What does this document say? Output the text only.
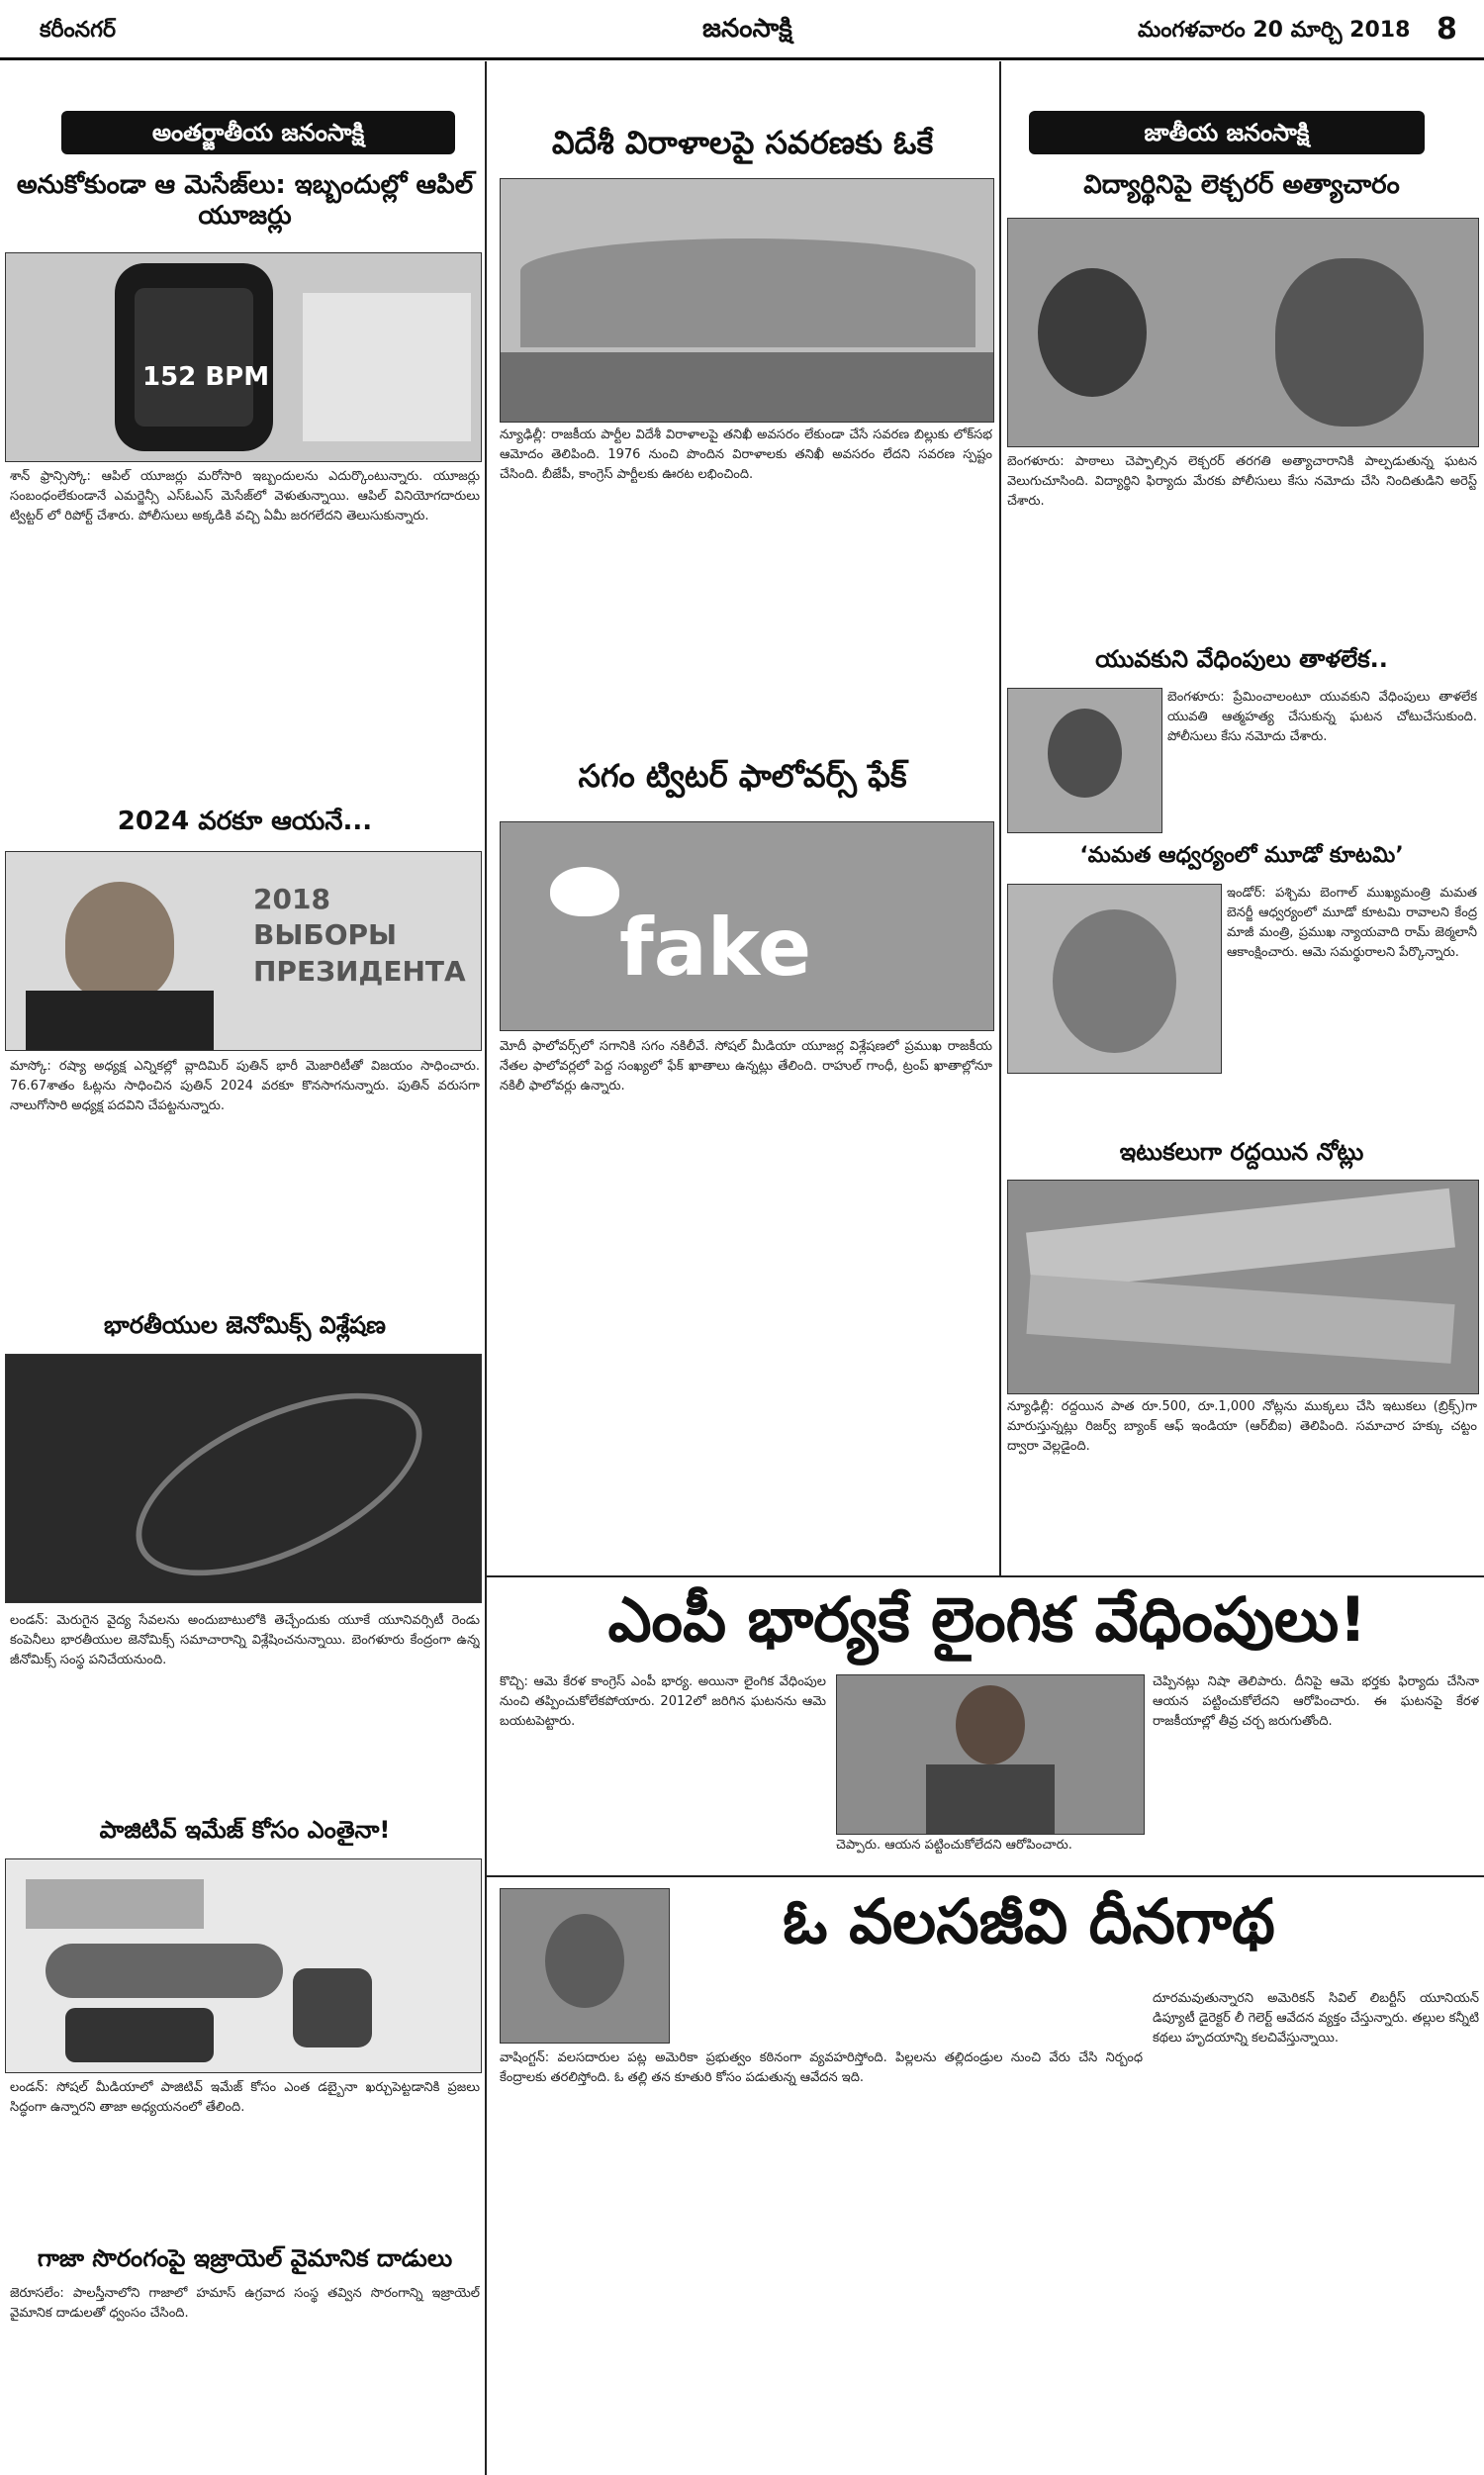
కరీంనగర్	జనంసాక్షి	మంగళవారం 20 మార్చి 2018 8
అంతర్జాతీయ జనంసాక్షి
అనుకోకుండా ఆ మెసేజ్‌లు: ఇబ్బందుల్లో ఆపిల్ యూజర్లు
152 BPM
శాన్ ఫ్రాన్సిస్కో: ఆపిల్ యూజర్లు మరోసారి ఇబ్బందులను ఎదుర్కొంటున్నారు. యూజర్లు సంబంధంలేకుండానే ఎమర్జెన్సీ ఎస్ఓఎస్ మెసేజ్‌లో వెళుతున్నాయి. ఆపిల్ వినియోగదారులు ట్విట్టర్ లో రిపోర్ట్ చేశారు. పోలీసులు అక్కడికి వచ్చి ఏమీ జరగలేదని తెలుసుకున్నారు.
2024 వరకూ ఆయనే...
2018 ВЫБОРЫ ПРЕЗИДЕНТА
మాస్కో: రష్యా అధ్యక్ష ఎన్నికల్లో వ్లాదిమిర్ పుతిన్ భారీ మెజారిటీతో విజయం సాధించారు. 76.67శాతం ఓట్లను సాధించిన పుతిన్ 2024 వరకూ కొనసాగనున్నారు. పుతిన్ వరుసగా నాలుగోసారి అధ్యక్ష పదవిని చేపట్టనున్నారు.
భారతీయుల జెనోమిక్స్ విశ్లేషణ
లండన్: మెరుగైన వైద్య సేవలను అందుబాటులోకి తెచ్చేందుకు యూకే యూనివర్సిటీ రెండు కంపెనీలు భారతీయుల జెనోమిక్స్ సమాచారాన్ని విశ్లేషించనున్నాయి. బెంగళూరు కేంద్రంగా ఉన్న జీనోమిక్స్ సంస్థ పనిచేయనుంది.
పాజిటివ్ ఇమేజ్ కోసం ఎంతైనా!
లండన్: సోషల్ మీడియాలో పాజిటివ్ ఇమేజ్ కోసం ఎంత డబ్బైనా ఖర్చుపెట్టడానికి ప్రజలు సిద్ధంగా ఉన్నారని తాజా అధ్యయనంలో తేలింది.
గాజా సొరంగంపై ఇజ్రాయెల్ వైమానిక దాడులు
జెరూసలేం: పాలస్తీనాలోని గాజాలో హమాస్ ఉగ్రవాద సంస్థ తవ్విన సొరంగాన్ని ఇజ్రాయెల్ వైమానిక దాడులతో ధ్వంసం చేసింది.
విదేశీ విరాళాలపై సవరణకు ఓకే
న్యూఢిల్లీ: రాజకీయ పార్టీల విదేశీ విరాళాలపై తనిఖీ అవసరం లేకుండా చేసే సవరణ బిల్లుకు లోక్‌సభ ఆమోదం తెలిపింది. 1976 నుంచి పొందిన విరాళాలకు తనిఖీ అవసరం లేదని సవరణ స్పష్టం చేసింది. బీజేపీ, కాంగ్రెస్ పార్టీలకు ఊరట లభించింది.
సగం ట్విటర్ ఫాలోవర్స్ ఫేక్
fake
మోదీ ఫాలోవర్స్‌లో సగానికి సగం నకిలీవే. సోషల్ మీడియా యూజర్ల విశ్లేషణలో ప్రముఖ రాజకీయ నేతల ఫాలోవర్లలో పెద్ద సంఖ్యలో ఫేక్ ఖాతాలు ఉన్నట్లు తేలింది. రాహుల్ గాంధీ, ట్రంప్ ఖాతాల్లోనూ నకిలీ ఫాలోవర్లు ఉన్నారు.
ఎంపీ భార్యకే లైంగిక వేధింపులు!
కొచ్చి: ఆమె కేరళ కాంగ్రెస్ ఎంపీ భార్య. అయినా లైంగిక వేధింపుల నుంచి తప్పించుకోలేకపోయారు. 2012లో జరిగిన ఘటనను ఆమె బయటపెట్టారు.
చెప్పారు. ఆయన పట్టించుకోలేదని ఆరోపించారు.
చెప్పినట్లు నిషా తెలిపారు. దీనిపై ఆమె భర్తకు ఫిర్యాదు చేసినా ఆయన పట్టించుకోలేదని ఆరోపించారు. ఈ ఘటనపై కేరళ రాజకీయాల్లో తీవ్ర చర్చ జరుగుతోంది.
ఓ వలసజీవి దీనగాథ
వాషింగ్టన్: వలసదారుల పట్ల అమెరికా ప్రభుత్వం కఠినంగా వ్యవహరిస్తోంది. పిల్లలను తల్లిదండ్రుల నుంచి వేరు చేసి నిర్బంధ కేంద్రాలకు తరలిస్తోంది. ఓ తల్లి తన కూతురి కోసం పడుతున్న ఆవేదన ఇది.
దూరమవుతున్నారని అమెరికన్ సివిల్ లిబర్టీస్ యూనియన్ డిప్యూటీ డైరెక్టర్ లీ గెలెర్ట్ ఆవేదన వ్యక్తం చేస్తున్నారు. తల్లుల కన్నీటి కథలు హృదయాన్ని కలచివేస్తున్నాయి.
జాతీయ జనంసాక్షి
విద్యార్థినిపై లెక్చరర్ అత్యాచారం
బెంగళూరు: పాఠాలు చెప్పాల్సిన లెక్చరర్ తరగతి అత్యాచారానికి పాల్పడుతున్న ఘటన వెలుగుచూసింది. విద్యార్థిని ఫిర్యాదు మేరకు పోలీసులు కేసు నమోదు చేసి నిందితుడిని అరెస్ట్ చేశారు.
యువకుని వేధింపులు తాళలేక..
బెంగళూరు: ప్రేమించాలంటూ యువకుని వేధింపులు తాళలేక యువతి ఆత్మహత్య చేసుకున్న ఘటన చోటుచేసుకుంది. పోలీసులు కేసు నమోదు చేశారు.
‘మమత ఆధ్వర్యంలో మూడో కూటమి’
ఇండోర్: పశ్చిమ బెంగాల్ ముఖ్యమంత్రి మమత బెనర్జీ ఆధ్వర్యంలో మూడో కూటమి రావాలని కేంద్ర మాజీ మంత్రి, ప్రముఖ న్యాయవాది రామ్ జెఠ్మలానీ ఆకాంక్షించారు. ఆమె సమర్థురాలని పేర్కొన్నారు.
ఇటుకలుగా రద్దయిన నోట్లు
న్యూఢిల్లీ: రద్దయిన పాత రూ.500, రూ.1,000 నోట్లను ముక్కలు చేసి ఇటుకలు (బ్రిక్స్)గా మారుస్తున్నట్లు రిజర్వ్ బ్యాంక్ ఆఫ్ ఇండియా (ఆర్‌బీఐ) తెలిపింది. సమాచార హక్కు చట్టం ద్వారా వెల్లడైంది.
